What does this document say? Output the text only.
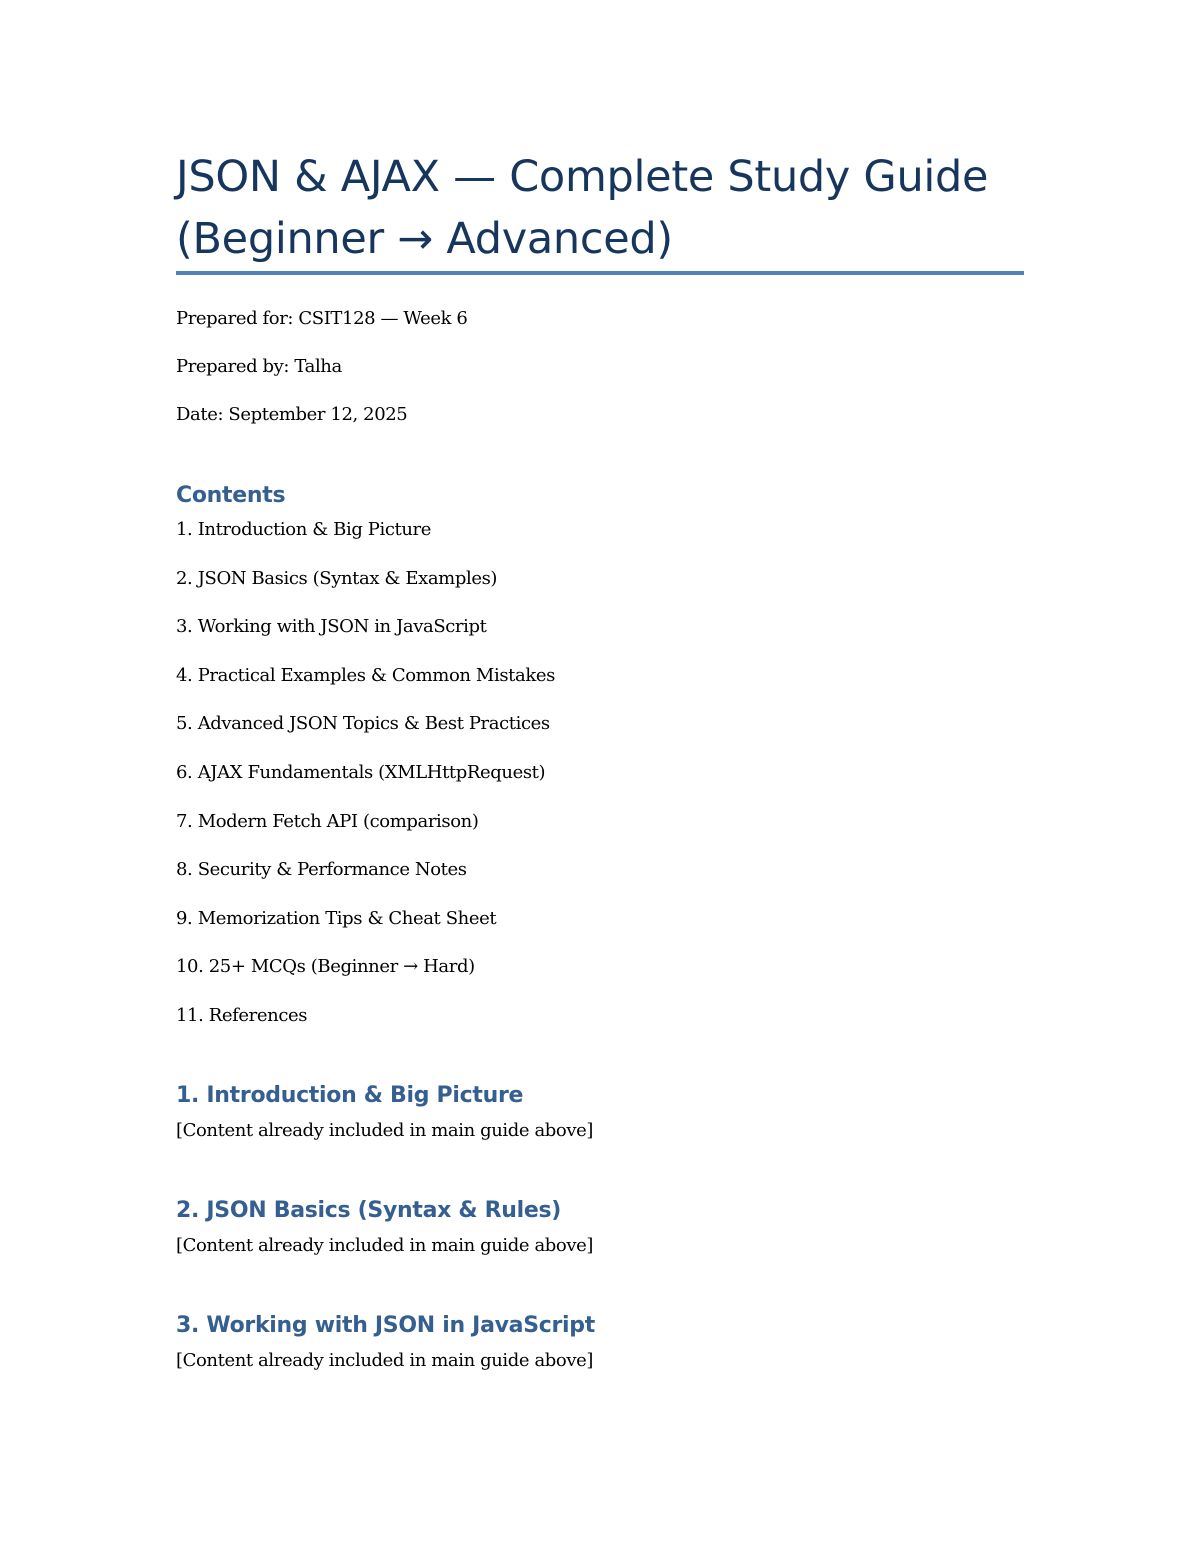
JSON & AJAX — Complete Study Guide
(Beginner → Advanced)
Prepared for: CSIT128 — Week 6
Prepared by: Talha
Date: September 12, 2025
Contents
1. Introduction & Big Picture
2. JSON Basics (Syntax & Examples)
3. Working with JSON in JavaScript
4. Practical Examples & Common Mistakes
5. Advanced JSON Topics & Best Practices
6. AJAX Fundamentals (XMLHttpRequest)
7. Modern Fetch API (comparison)
8. Security & Performance Notes
9. Memorization Tips & Cheat Sheet
10. 25+ MCQs (Beginner → Hard)
11. References
1. Introduction & Big Picture
[Content already included in main guide above]
2. JSON Basics (Syntax & Rules)
[Content already included in main guide above]
3. Working with JSON in JavaScript
[Content already included in main guide above]
